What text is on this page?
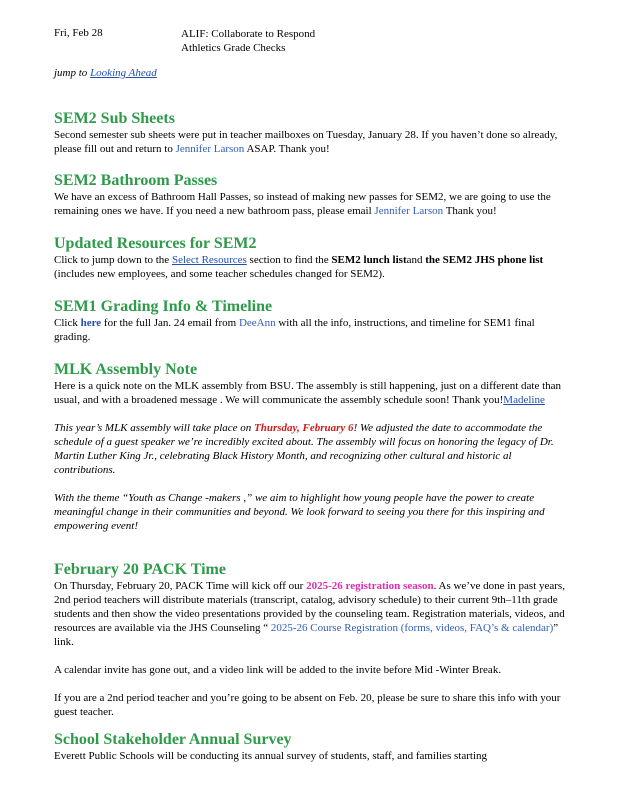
Fri, Feb 28	ALIF: Collaborate to Respond
Athletics Grade Checks
jump to Looking Ahead
SEM2 Sub Sheets

Second semester sub sheets were put in teacher mailboxes on Tuesday, January 28. If you haven’t done so already, please fill out and return to Jennifer Larson ASAP. Thank you!

SEM2 Bathroom Passes

We have an excess of Bathroom Hall Passes, so instead of making new passes for SEM2, we are going to use the remaining ones we have. If you need a new bathroom pass, please email Jennifer Larson Thank you!

Updated Resources for SEM2

Click to jump down to the Select Resources section to find the SEM2 lunch listand the SEM2 JHS phone list (includes new employees, and some teacher schedules changed for SEM2).

SEM1 Grading Info & Timeline

Click here for the full Jan. 24 email from DeeAnn with all the info, instructions, and timeline for SEM1 final grading.

MLK Assembly Note

Here is a quick note on the MLK assembly from BSU. The assembly is still happening, just on a different date than usual, and with a broadened message . We will communicate the assembly schedule soon! Thank you!Madeline

This year’s MLK assembly will take place on Thursday, February 6! We adjusted the date to accommodate the schedule of a guest speaker we’re incredibly excited about. The assembly will focus on honoring the legacy of Dr. Martin Luther King Jr., celebrating Black History Month, and recognizing other cultural and historic al contributions.

With the theme “Youth as Change -makers ,” we aim to highlight how young people have the power to create meaningful change in their communities and beyond. We look forward to seeing you there for this inspiring and empowering event!

February 20 PACK Time

On Thursday, February 20, PACK Time will kick off our 2025-26 registration season. As we’ve done in past years, 2nd period teachers will distribute materials (transcript, catalog, advisory schedule) to their current 9th–11th grade students and then show the video presentations provided by the counseling team. Registration materials, videos, and resources are available via the JHS Counseling “ 2025-26 Course Registration (forms, videos, FAQ’s & calendar)” link.

A calendar invite has gone out, and a video link will be added to the invite before Mid -Winter Break.

If you are a 2nd period teacher and you’re going to be absent on Feb. 20, please be sure to share this info with your guest teacher.

School Stakeholder Annual Survey

Everett Public Schools will be conducting its annual survey of students, staff, and families starting
